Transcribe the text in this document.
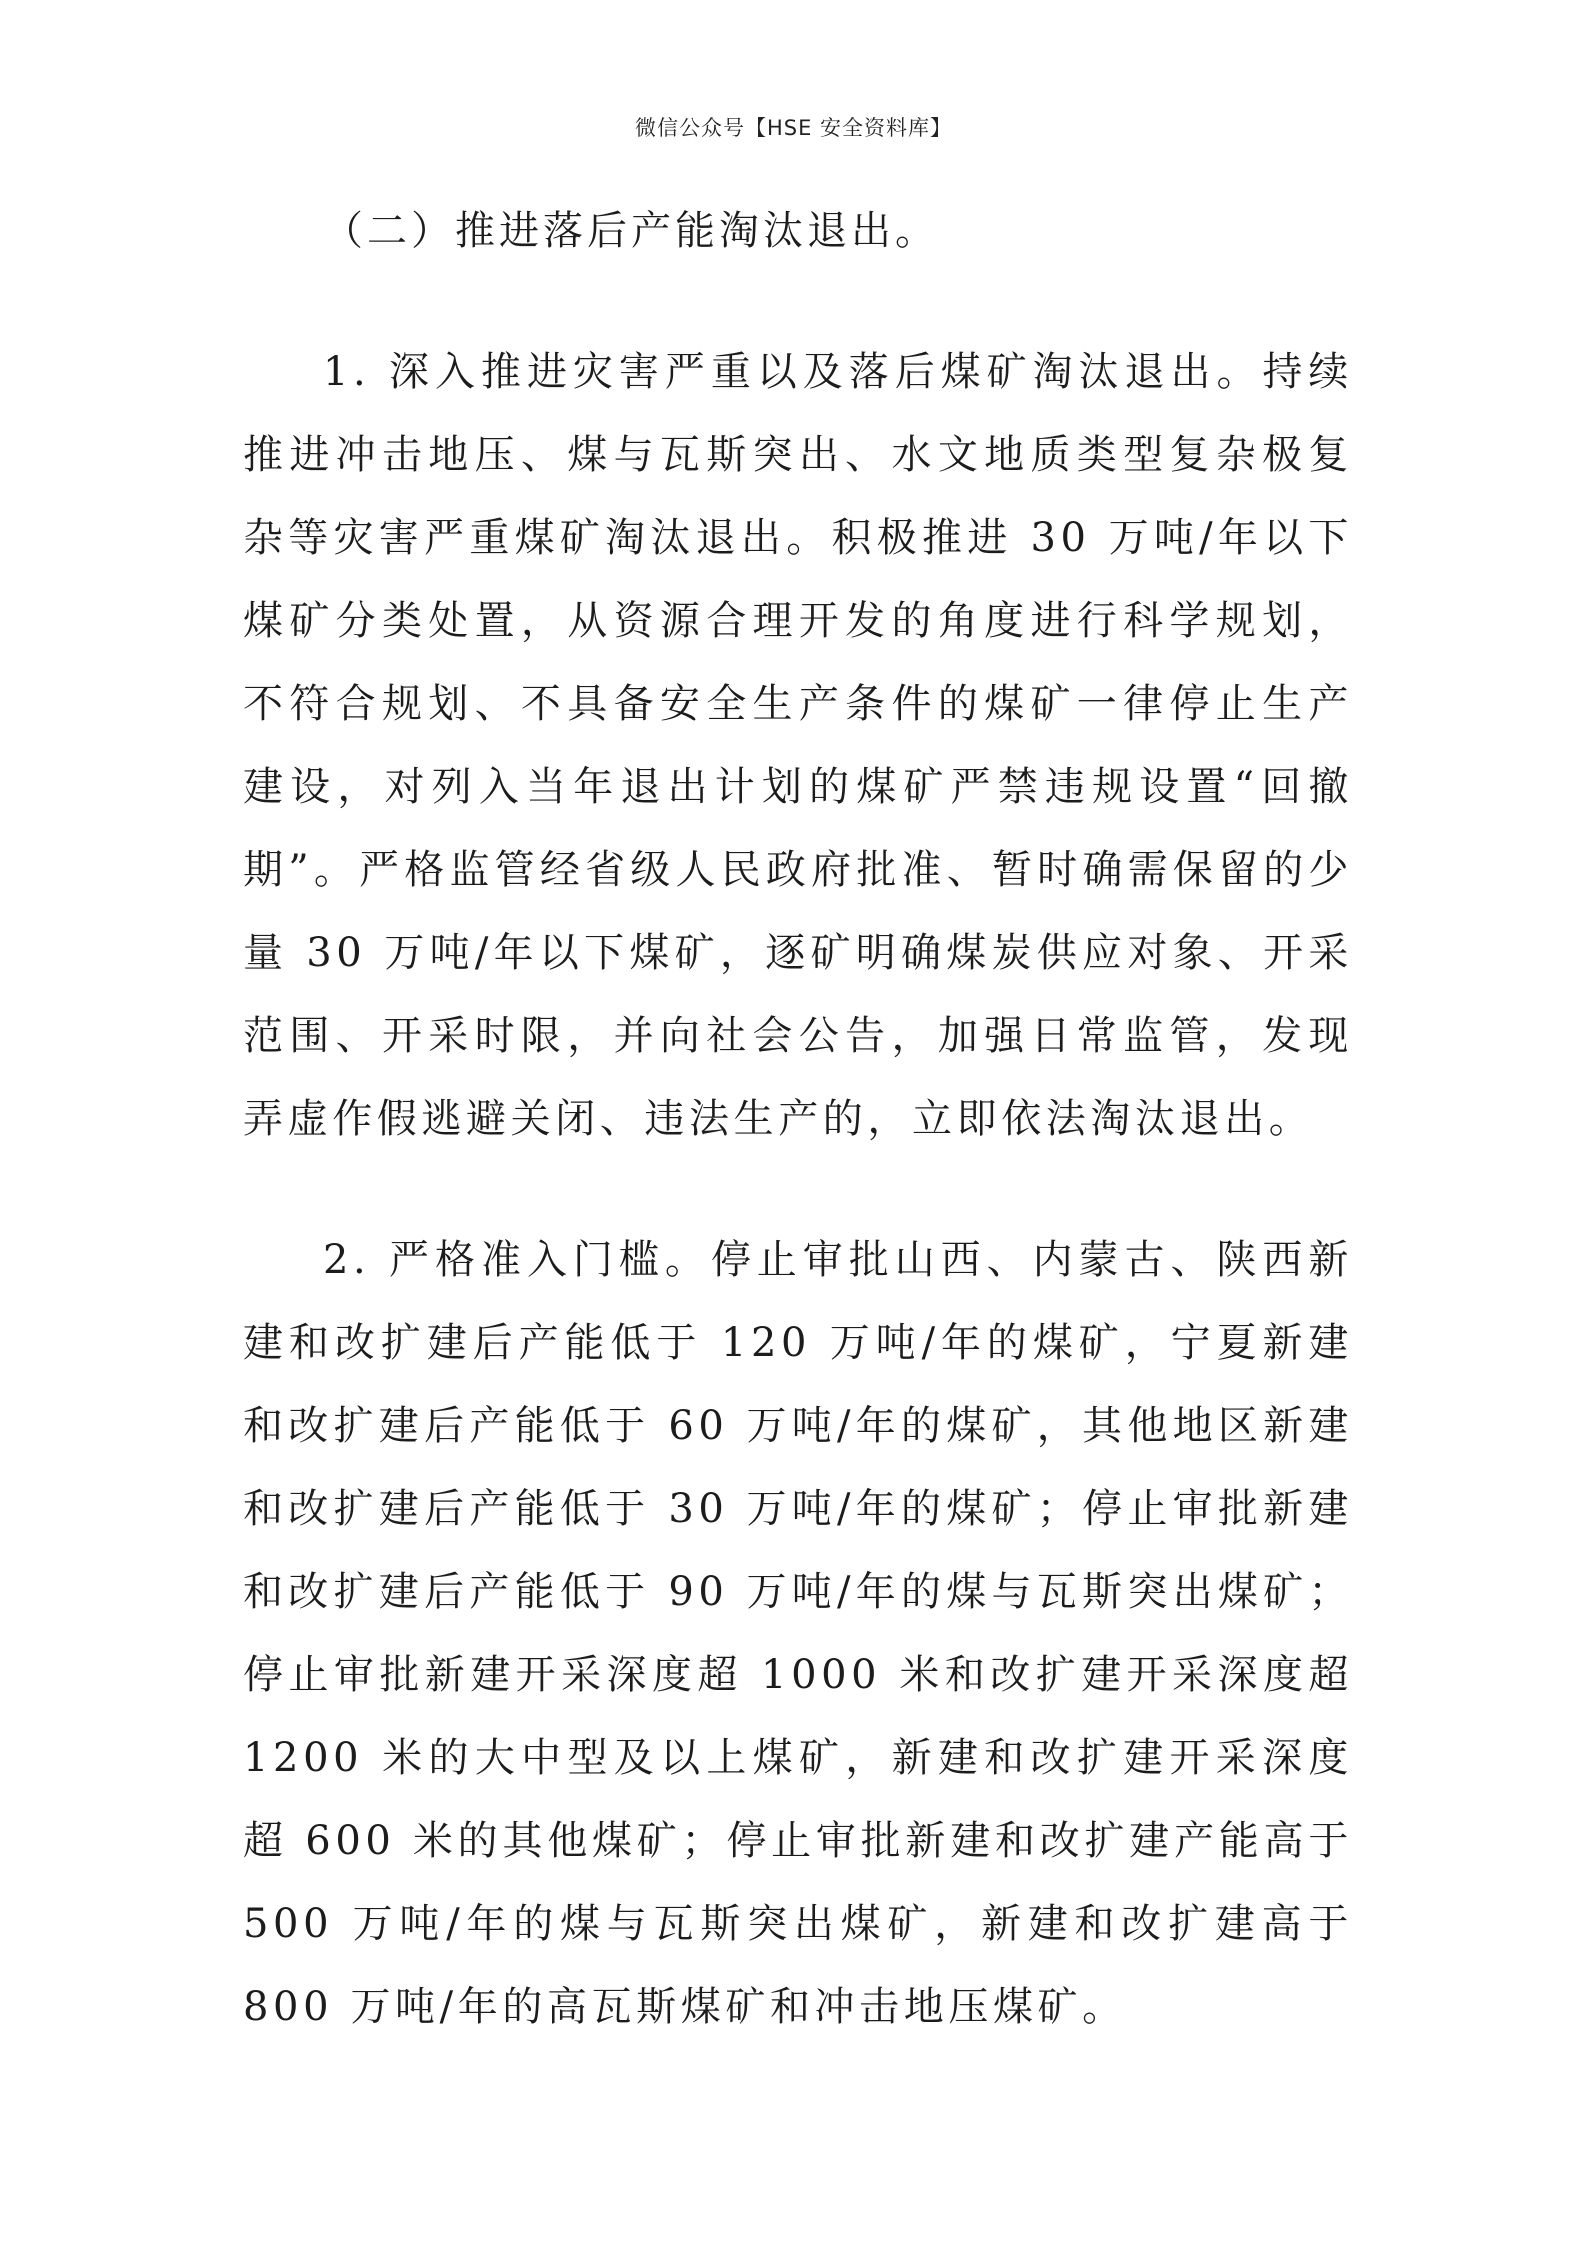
微信公众号【HSE 安全资料库】

（二）推进落后产能淘汰退出。

1. 深入推进灾害严重以及落后煤矿淘汰退出。持续推进冲击地压、煤与瓦斯突出、水文地质类型复杂极复杂等灾害严重煤矿淘汰退出。积极推进 30 万吨/年以下煤矿分类处置，从资源合理开发的角度进行科学规划，不符合规划、不具备安全生产条件的煤矿一律停止生产建设，对列入当年退出计划的煤矿严禁违规设置“回撤期”。严格监管经省级人民政府批准、暂时确需保留的少量 30 万吨/年以下煤矿，逐矿明确煤炭供应对象、开采范围、开采时限，并向社会公告，加强日常监管，发现弄虚作假逃避关闭、违法生产的，立即依法淘汰退出。

2. 严格准入门槛。停止审批山西、内蒙古、陕西新建和改扩建后产能低于 120 万吨/年的煤矿，宁夏新建和改扩建后产能低于 60 万吨/年的煤矿，其他地区新建和改扩建后产能低于 30 万吨/年的煤矿；停止审批新建和改扩建后产能低于 90 万吨/年的煤与瓦斯突出煤矿；停止审批新建开采深度超 1000 米和改扩建开采深度超 1200 米的大中型及以上煤矿，新建和改扩建开采深度超 600 米的其他煤矿；停止审批新建和改扩建产能高于 500 万吨/年的煤与瓦斯突出煤矿，新建和改扩建高于 800 万吨/年的高瓦斯煤矿和冲击地压煤矿。
